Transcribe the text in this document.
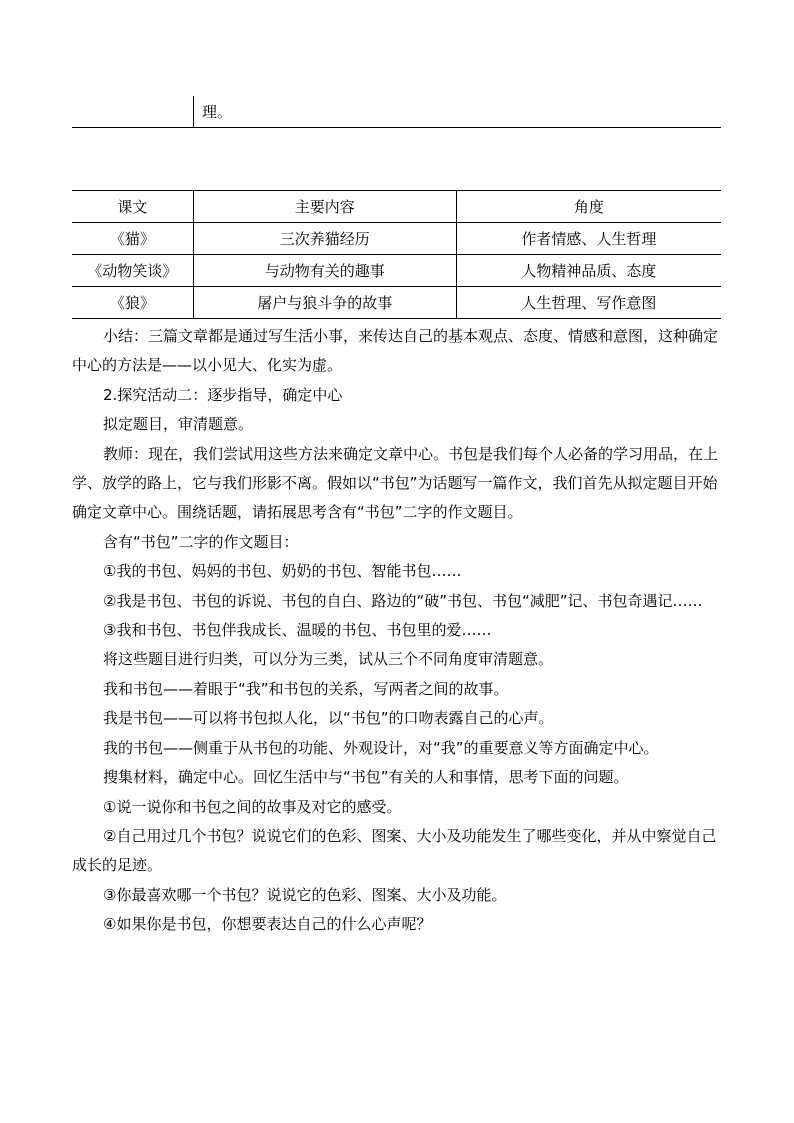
理。
课文	主要内容	角度
《猫》	三次养猫经历	作者情感、人生哲理
《动物笑谈》	与动物有关的趣事	人物精神品质、态度
《狼》	屠户与狼斗争的故事	人生哲理、写作意图

小结：三篇文章都是通过写生活小事，来传达自己的基本观点、态度、情感和意图，这种确定中心的方法是——以小见大、化实为虚。

2.探究活动二：逐步指导，确定中心

拟定题目，审清题意。

教师：现在，我们尝试用这些方法来确定文章中心。书包是我们每个人必备的学习用品，在上学、放学的路上，它与我们形影不离。假如以“书包”为话题写一篇作文，我们首先从拟定题目开始确定文章中心。围绕话题，请拓展思考含有“书包”二字的作文题目。

含有“书包”二字的作文题目：

①我的书包、妈妈的书包、奶奶的书包、智能书包……

②我是书包、书包的诉说、书包的自白、路边的“破”书包、书包“减肥”记、书包奇遇记……

③我和书包、书包伴我成长、温暖的书包、书包里的爱……

将这些题目进行归类，可以分为三类，试从三个不同角度审清题意。

我和书包——着眼于“我”和书包的关系，写两者之间的故事。

我是书包——可以将书包拟人化，以“书包”的口吻表露自己的心声。

我的书包——侧重于从书包的功能、外观设计，对“我”的重要意义等方面确定中心。

搜集材料，确定中心。回忆生活中与“书包”有关的人和事情，思考下面的问题。

①说一说你和书包之间的故事及对它的感受。

②自己用过几个书包？说说它们的色彩、图案、大小及功能发生了哪些变化，并从中察觉自己成长的足迹。

③你最喜欢哪一个书包？说说它的色彩、图案、大小及功能。

④如果你是书包，你想要表达自己的什么心声呢？
